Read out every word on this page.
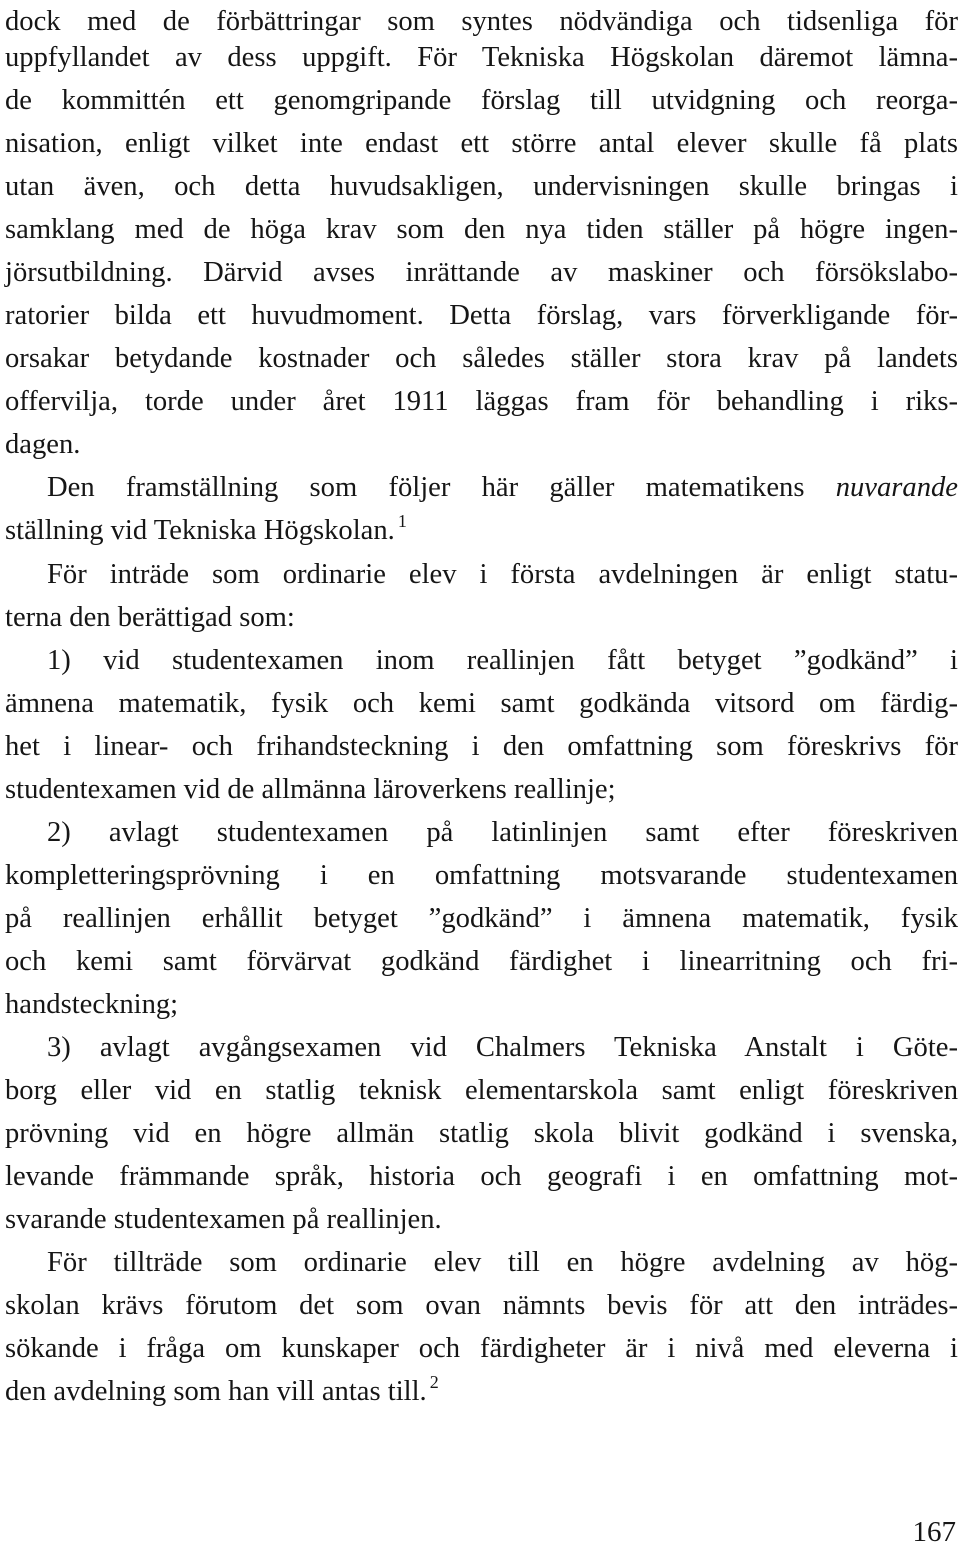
dock med de förbättringar som syntes nödvändiga och tidsenliga för
uppfyllandet av dess uppgift. För Tekniska Högskolan däremot lämna-
de kommittén ett genomgripande förslag till utvidgning och reorga-
nisation, enligt vilket inte endast ett större antal elever skulle få plats
utan även, och detta huvudsakligen, undervisningen skulle bringas i
samklang med de höga krav som den nya tiden ställer på högre ingen-
jörsutbildning. Därvid avses inrättande av maskiner och försökslabo-
ratorier bilda ett huvudmoment. Detta förslag, vars förverkligande för-
orsakar betydande kostnader och således ställer stora krav på landets
offervilja, torde under året 1911 läggas fram för behandling i riks-
dagen.
Den framställning som följer här gäller matematikens nuvarande
ställning vid Tekniska Högskolan. $^1$
För inträde som ordinarie elev i första avdelningen är enligt statu-
terna den berättigad som:
1) vid studentexamen inom reallinjen fått betyget ”godkänd” i
ämnena matematik, fysik och kemi samt godkända vitsord om färdig-
het i linear- och frihandsteckning i den omfattning som föreskrivs för
studentexamen vid de allmänna läroverkens reallinje;
2) avlagt studentexamen på latinlinjen samt efter föreskriven
kompletteringsprövning i en omfattning motsvarande studentexamen
på reallinjen erhållit betyget ”godkänd” i ämnena matematik, fysik
och kemi samt förvärvat godkänd färdighet i linearritning och fri-
handsteckning;
3) avlagt avgångsexamen vid Chalmers Tekniska Anstalt i Göte-
borg eller vid en statlig teknisk elementarskola samt enligt föreskriven
prövning vid en högre allmän statlig skola blivit godkänd i svenska,
levande främmande språk, historia och geografi i en omfattning mot-
svarande studentexamen på reallinjen.
För tillträde som ordinarie elev till en högre avdelning av hög-
skolan krävs förutom det som ovan nämnts bevis för att den inträdes-
sökande i fråga om kunskaper och färdigheter är i nivå med eleverna i
den avdelning som han vill antas till. $^2$
167
